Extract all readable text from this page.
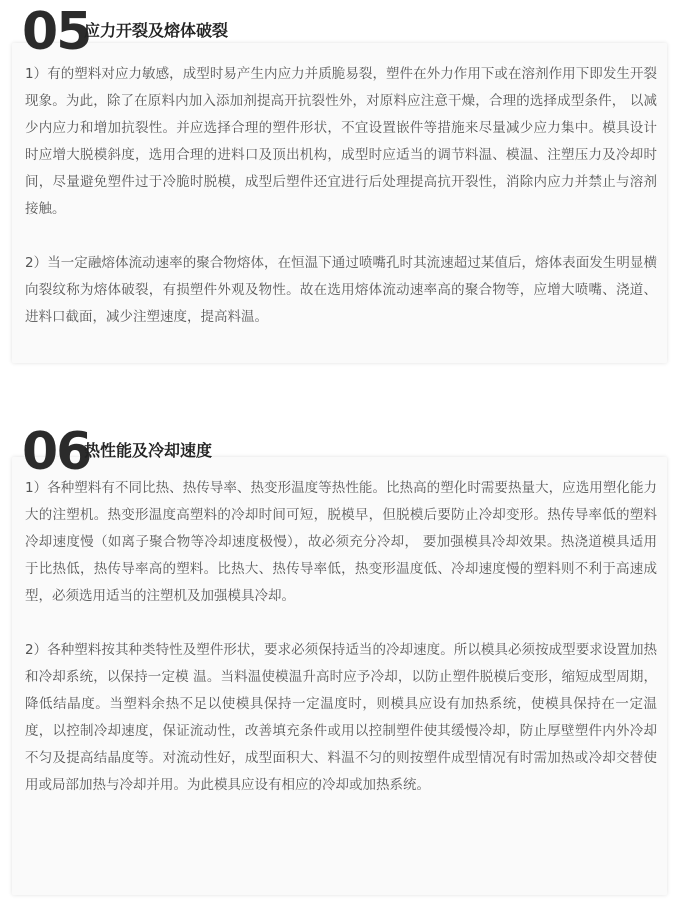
05
应力开裂及熔体破裂

1）有的塑料对应力敏感，成型时易产生内应力并质脆易裂，塑件在外力作用下或在溶剂作用下即发生开裂现象。为此，除了在原料内加入添加剂提高开抗裂性外，对原料应注意干燥，合理的选择成型条件， 以减少内应力和增加抗裂性。并应选择合理的塑件形状，不宜设置嵌件等措施来尽量减少应力集中。模具设计时应增大脱模斜度，选用合理的进料口及顶出机构，成型时应适当的调节料温、模温、注塑压力及冷却时间，尽量避免塑件过于冷脆时脱模，成型后塑件还宜进行后处理提高抗开裂性，消除内应力并禁止与溶剂接触。

2）当一定融熔体流动速率的聚合物熔体，在恒温下通过喷嘴孔时其流速超过某值后，熔体表面发生明显横向裂纹称为熔体破裂，有损塑件外观及物性。故在选用熔体流动速率高的聚合物等，应增大喷嘴、浇道、进料口截面，减少注塑速度，提高料温。

06
热性能及冷却速度

1）各种塑料有不同比热、热传导率、热变形温度等热性能。比热高的塑化时需要热量大，应选用塑化能力大的注塑机。热变形温度高塑料的冷却时间可短，脱模早，但脱模后要防止冷却变形。热传导率低的塑料冷却速度慢（如离子聚合物等冷却速度极慢），故必须充分冷却， 要加强模具冷却效果。热浇道模具适用于比热低，热传导率高的塑料。比热大、热传导率低，热变形温度低、冷却速度慢的塑料则不利于高速成型，必须选用适当的注塑机及加强模具冷却。

2）各种塑料按其种类特性及塑件形状，要求必须保持适当的冷却速度。所以模具必须按成型要求设置加热和冷却系统，以保持一定模 温。当料温使模温升高时应予冷却，以防止塑件脱模后变形，缩短成型周期，降低结晶度。当塑料余热不足以使模具保持一定温度时，则模具应设有加热系统，使模具保持在一定温度，以控制冷却速度，保证流动性，改善填充条件或用以控制塑件使其缓慢冷却，防止厚壁塑件内外冷却不匀及提高结晶度等。对流动性好，成型面积大、料温不匀的则按塑件成型情况有时需加热或冷却交替使用或局部加热与冷却并用。为此模具应设有相应的冷却或加热系统。
